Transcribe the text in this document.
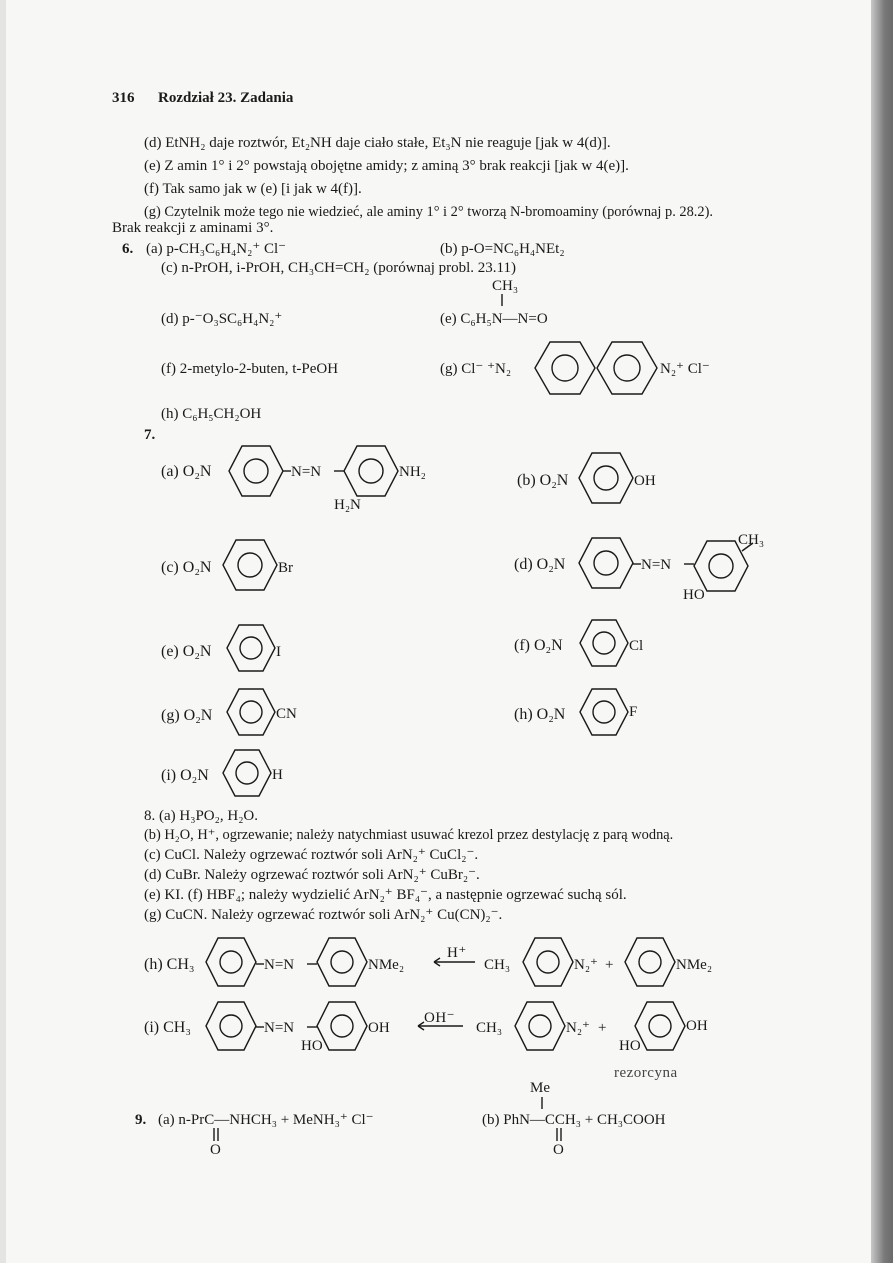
316 Rozdział 23. Zadania
(d) EtNH₂ daje roztwór, Et₂NH daje ciało stałe, Et₃N nie reaguje [jak w 4(d)].
(e) Z amin 1° i 2° powstają obojętne amidy; z aminą 3° brak reakcji [jak w 4(e)].
(f) Tak samo jak w (e) [i jak w 4(f)].
(g) Czytelnik może tego nie wiedzieć, ale aminy 1° i 2° tworzą N-bromoaminy (porównaj p. 28.2).
Brak reakcji z aminami 3°.
6. (a) p-CH₃C₆H₄N₂⁺ Cl⁻	(b) p-O=NC₆H₄NEt₂
(c) n-PrOH, i-PrOH, CH₃CH=CH₂ (porównaj probl. 23.11)
CH₃
(d) p-⁻O₃SC₆H₄N₂⁺	(e) C₆H₅N—N=O
(f) 2-metylo-2-buten, t-PeOH	(g) Cl⁻ ⁺N₂	N₂⁺ Cl⁻
(h) C₆H₅CH₂OH
7.
(a) O₂N	N=N	NH₂
H₂N
(b) O₂N	OH
(c) O₂N	Br	(d) O₂N	N=N
CH₃
HO
(e) O₂N	I	(f) O₂N	Cl
(g) O₂N	CN	(h) O₂N	F
(i) O₂N	H
8. (a) H₃PO₂, H₂O.
(b) H₂O, H⁺, ogrzewanie; należy natychmiast usuwać krezol przez destylację z parą wodną.
(c) CuCl. Należy ogrzewać roztwór soli ArN₂⁺ CuCl₂⁻.
(d) CuBr. Należy ogrzewać roztwór soli ArN₂⁺ CuBr₂⁻.
(e) KI. (f) HBF₄; należy wydzielić ArN₂⁺ BF₄⁻, a następnie ogrzewać suchą sól.
(g) CuCN. Należy ogrzewać roztwór soli ArN₂⁺ Cu(CN)₂⁻.
(h) CH₃	N=N	NMe₂
H⁺
CH₃	N₂⁺ +	NMe₂
(i) CH₃	N=N	OH
HO
OH⁻
CH₃	N₂⁺ +	OH
HO
rezorcyna
Me
9. (a) n-PrC—NHCH₃ + MeNH₃⁺ Cl⁻	(b) PhN—CCH₃ + CH₃COOH
O	O
